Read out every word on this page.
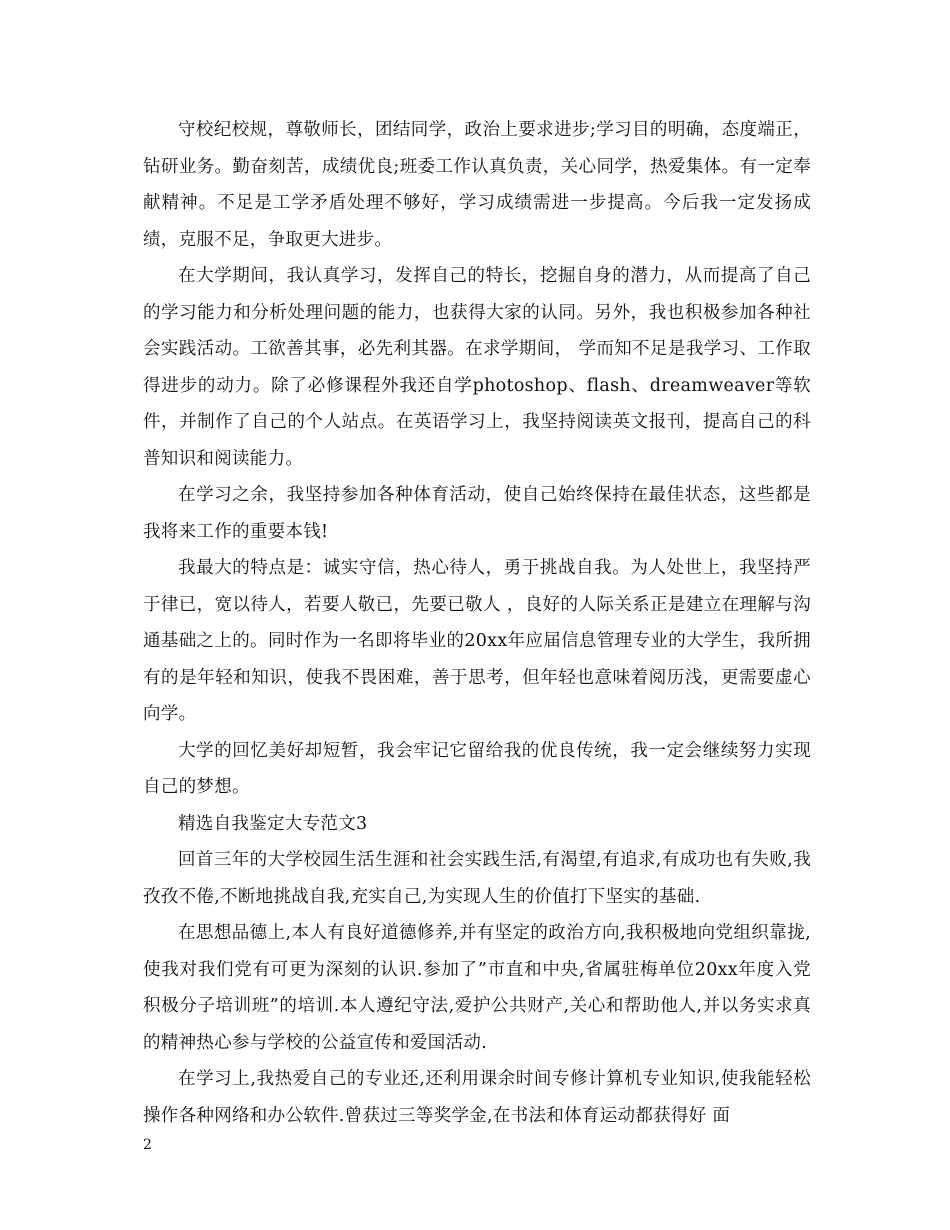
守校纪校规，尊敬师长，团结同学，政治上要求进步;学习目的明确，态度端正，钻研业务。勤奋刻苦，成绩优良;班委工作认真负责，关心同学，热爱集体。有一定奉献精神。不足是工学矛盾处理不够好，学习成绩需进一步提高。今后我一定发扬成绩，克服不足，争取更大进步。

在大学期间，我认真学习，发挥自己的特长，挖掘自身的潜力，从而提高了自己的学习能力和分析处理问题的能力，也获得大家的认同。另外，我也积极参加各种社会实践活动。工欲善其事，必先利其器。在求学期间， 学而知不足是我学习、工作取得进步的动力。除了必修课程外我还自学photoshop、flash、dreamweaver等软件，并制作了自己的个人站点。在英语学习上，我坚持阅读英文报刊，提高自己的科普知识和阅读能力。

在学习之余，我坚持参加各种体育活动，使自己始终保持在最佳状态，这些都是我将来工作的重要本钱!

我最大的特点是：诚实守信，热心待人，勇于挑战自我。为人处世上，我坚持严于律已，宽以待人，若要人敬已，先要已敬人 ，良好的人际关系正是建立在理解与沟通基础之上的。同时作为一名即将毕业的20xx年应届信息管理专业的大学生，我所拥有的是年轻和知识，使我不畏困难，善于思考，但年轻也意味着阅历浅，更需要虚心向学。

大学的回忆美好却短暂，我会牢记它留给我的优良传统，我一定会继续努力实现自己的梦想。

精选自我鉴定大专范文3

回首三年的大学校园生活生涯和社会实践生活,有渴望,有追求,有成功也有失败,我孜孜不倦,不断地挑战自我,充实自己,为实现人生的价值打下坚实的基础.

在思想品德上,本人有良好道德修养,并有坚定的政治方向,我积极地向党组织靠拢,使我对我们党有可更为深刻的认识.参加了”市直和中央,省属驻梅单位20xx年度入党积极分子培训班”的培训.本人遵纪守法,爱护公共财产,关心和帮助他人,并以务实求真的精神热心参与学校的公益宣传和爱国活动.

在学习上,我热爱自己的专业还,还利用课余时间专修计算机专业知识,使我能轻松操作各种网络和办公软件.曾获过三等奖学金,在书法和体育运动都获得好 面

2
